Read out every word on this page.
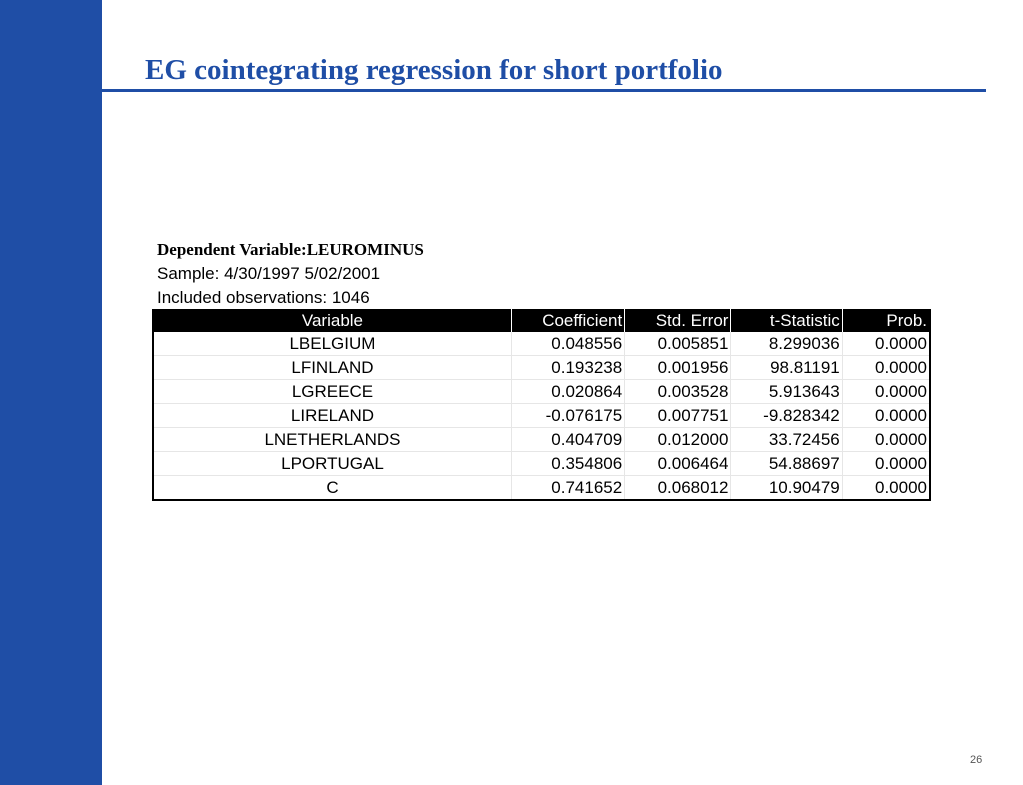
EG cointegrating regression for short portfolio
Dependent Variable:LEUROMINUS
Sample: 4/30/1997 5/02/2001
Included observations: 1046
Variable	Coefficient	Std. Error	t-Statistic	Prob.
LBELGIUM	0.048556	0.005851	8.299036	0.0000
LFINLAND	0.193238	0.001956	98.81191	0.0000
LGREECE	0.020864	0.003528	5.913643	0.0000
LIRELAND	-0.076175	0.007751	-9.828342	0.0000
LNETHERLANDS	0.404709	0.012000	33.72456	0.0000
LPORTUGAL	0.354806	0.006464	54.88697	0.0000
C	0.741652	0.068012	10.90479	0.0000
26
